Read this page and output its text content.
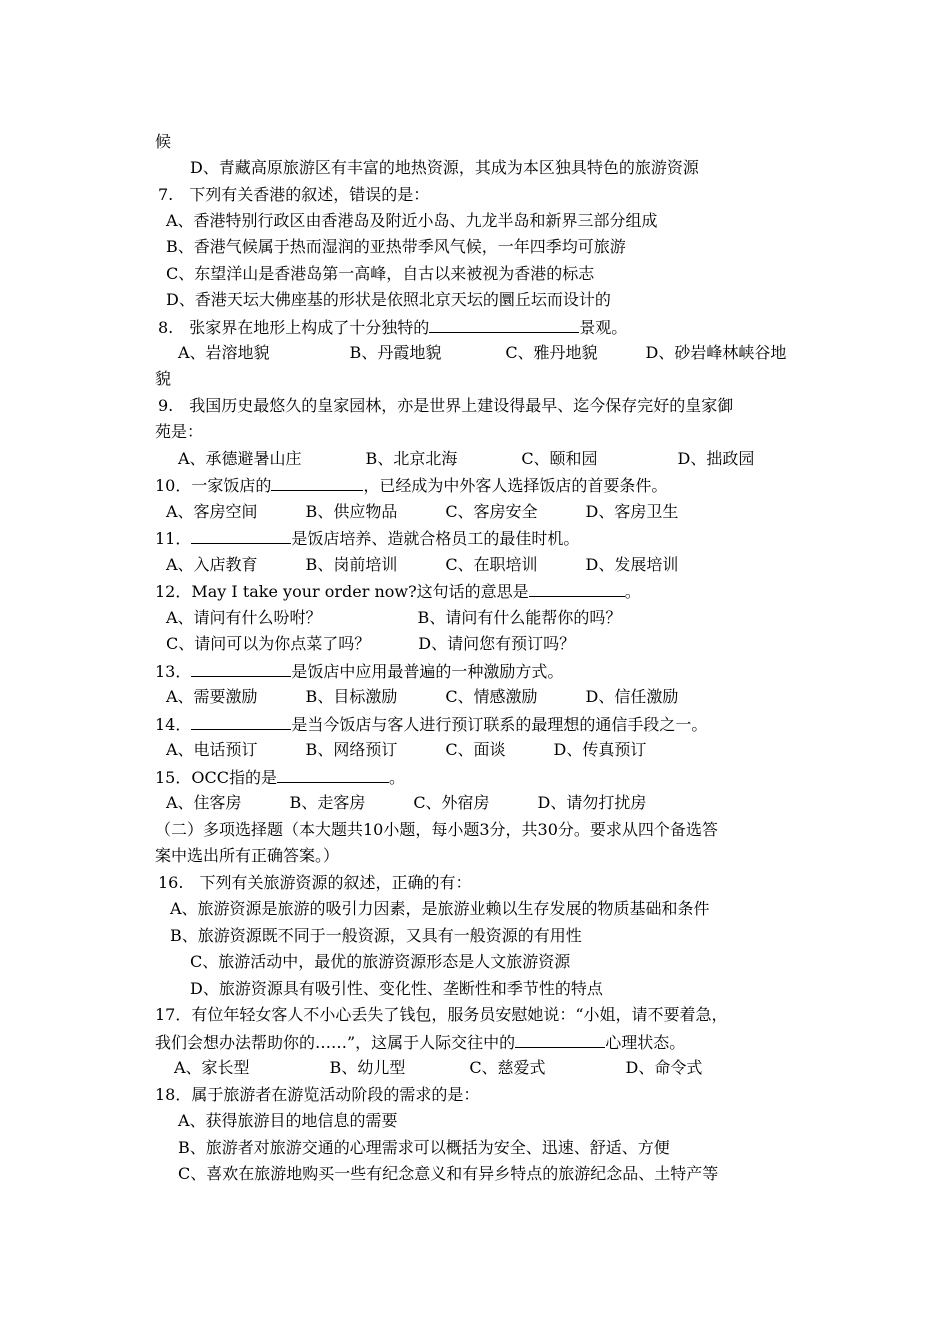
候
D、青藏高原旅游区有丰富的地热资源，其成为本区独具特色的旅游资源
7.　下列有关香港的叙述，错误的是：
A、香港特别行政区由香港岛及附近小岛、九龙半岛和新界三部分组成
B、香港气候属于热而湿润的亚热带季风气候，一年四季均可旅游
C、东望洋山是香港岛第一高峰，自古以来被视为香港的标志
D、香港天坛大佛座基的形状是依照北京天坛的圜丘坛而设计的
8.　张家界在地形上构成了十分独特的	景观。
A、岩溶地貌　　　　　B、丹霞地貌　　　　C、雅丹地貌　　　D、砂岩峰林峡谷地
貌
9.　我国历史最悠久的皇家园林，亦是世界上建设得最早、迄今保存完好的皇家御
苑是：
A、承德避暑山庄　　　　B、北京北海　　　　C、颐和园　　　　　D、拙政园
10．一家饭店的	，已经成为中外客人选择饭店的首要条件。
A、客房空间　　　B、供应物品　　　C、客房安全　　　D、客房卫生
11．	是饭店培养、造就合格员工的最佳时机。
A、入店教育　　　B、岗前培训　　　C、在职培训　　　D、发展培训
12．May I take your order now?这句话的意思是	。
A、请问有什么吩咐？　　　　　　B、请问有什么能帮你的吗？
C、请问可以为你点菜了吗？　　　D、请问您有预订吗？
13．	是饭店中应用最普遍的一种激励方式。
A、需要激励　　　B、目标激励　　　C、情感激励　　　D、信任激励
14．	是当今饭店与客人进行预订联系的最理想的通信手段之一。
A、电话预订　　　B、网络预订　　　C、面谈　　　D、传真预订
15．OCC指的是	。
A、住客房　　　B、走客房　　　C、外宿房　　　D、请勿打扰房
（二）多项选择题（本大题共10小题，每小题3分，共30分。要求从四个备选答
案中选出所有正确答案。）
16.　下列有关旅游资源的叙述，正确的有：
A、旅游资源是旅游的吸引力因素，是旅游业赖以生存发展的物质基础和条件
B、旅游资源既不同于一般资源，又具有一般资源的有用性
C、旅游活动中，最优的旅游资源形态是人文旅游资源
D、旅游资源具有吸引性、变化性、垄断性和季节性的特点
17．有位年轻女客人不小心丢失了钱包，服务员安慰她说：“小姐，请不要着急，
我们会想办法帮助你的……”，这属于人际交往中的	心理状态。
A、家长型　　　　　B、幼儿型　　　　C、慈爱式　　　　　D、命令式
18．属于旅游者在游览活动阶段的需求的是：
A、获得旅游目的地信息的需要
B、旅游者对旅游交通的心理需求可以概括为安全、迅速、舒适、方便
C、喜欢在旅游地购买一些有纪念意义和有异乡特点的旅游纪念品、土特产等
